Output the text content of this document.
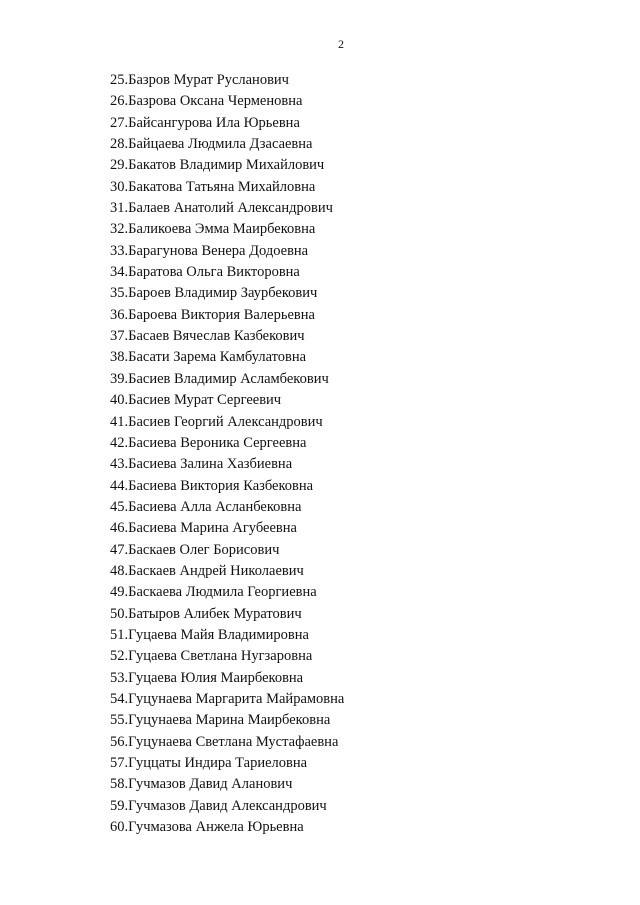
2
25.Базров Мурат Русланович
26.Базрова Оксана Черменовна
27.Байсангурова Ила Юрьевна
28.Байцаева Людмила Дзасаевна
29.Бакатов Владимир Михайлович
30.Бакатова Татьяна Михайловна
31.Балаев Анатолий Александрович
32.Баликоева Эмма Маирбековна
33.Барагунова Венера Додоевна
34.Баратова Ольга Викторовна
35.Бароев Владимир Заурбекович
36.Бароева Виктория Валерьевна
37.Басаев Вячеслав Казбекович
38.Басати Зарема Камбулатовна
39.Басиев Владимир Асламбекович
40.Басиев Мурат Сергеевич
41.Басиев Георгий Александрович
42.Басиева Вероника Сергеевна
43.Басиева Залина Хазбиевна
44.Басиева Виктория Казбековна
45.Басиева Алла Асланбековна
46.Басиева Марина Агубеевна
47.Баскаев Олег Борисович
48.Баскаев Андрей Николаевич
49.Баскаева Людмила Георгиевна
50.Батыров Алибек Муратович
51.Гуцаева Майя Владимировна
52.Гуцаева Светлана Нугзаровна
53.Гуцаева Юлия Маирбековна
54.Гуцунаева Маргарита Майрамовна
55.Гуцунаева Марина Маирбековна
56.Гуцунаева Светлана Мустафаевна
57.Гуццаты Индира Тариеловна
58.Гучмазов Давид Аланович
59.Гучмазов Давид Александрович
60.Гучмазова Анжела Юрьевна
